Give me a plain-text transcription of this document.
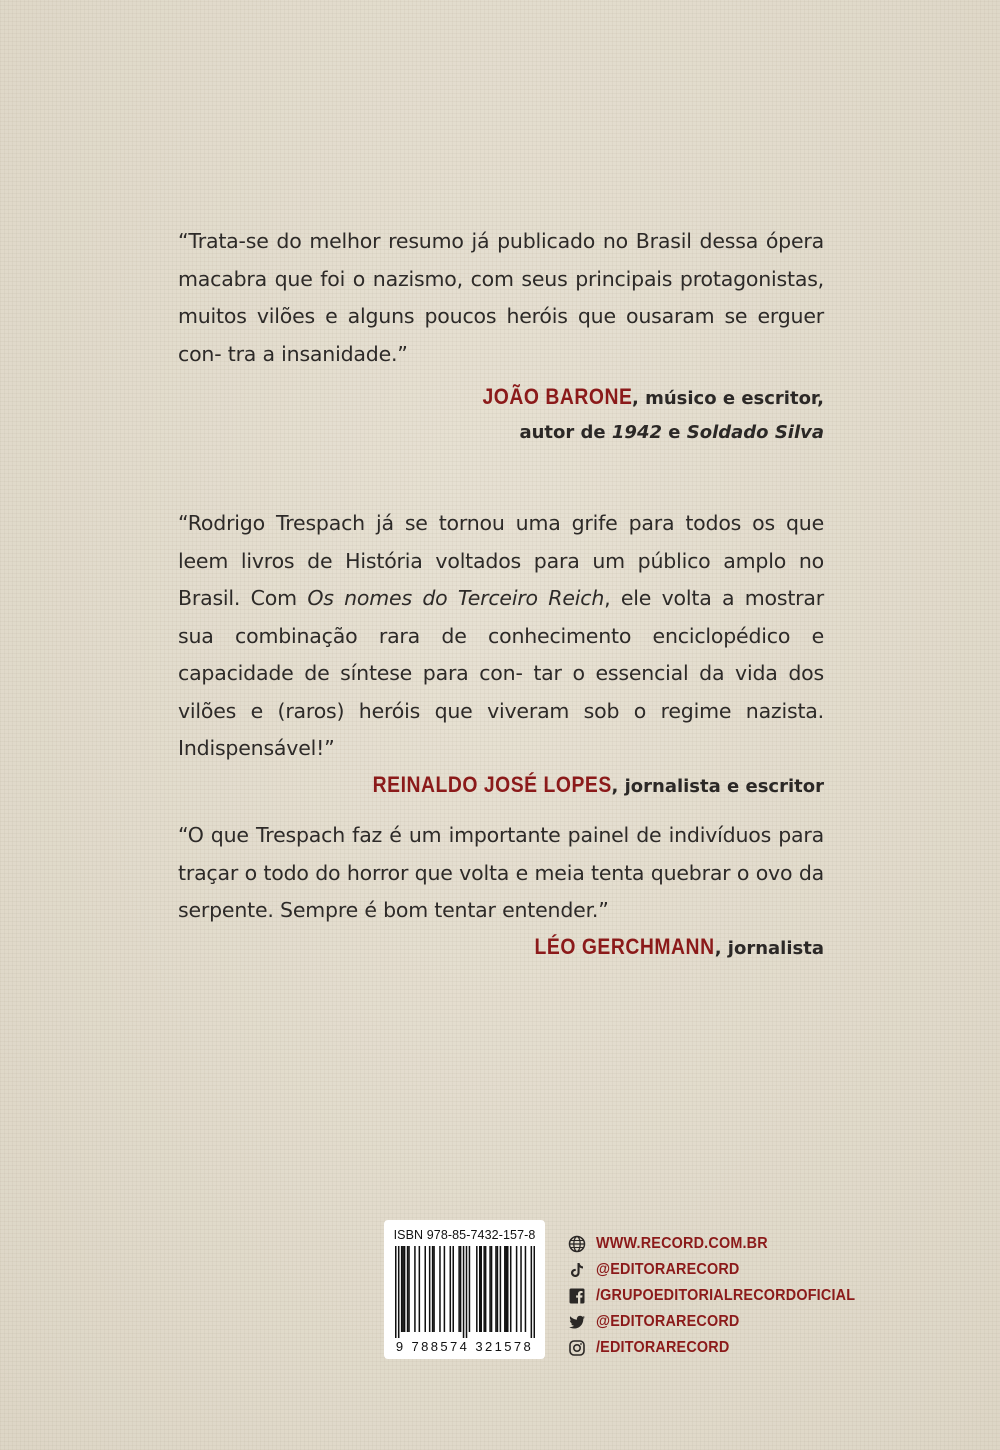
“Trata-se do melhor resumo já publicado no Brasil dessa ópera macabra que foi o nazismo, com seus principais protagonistas, muitos vilões e alguns poucos heróis que ousaram se erguer con- tra a insanidade.”

JOÃO BARONE, músico e escritor,

autor de 1942 e Soldado Silva

“Rodrigo Trespach já se tornou uma grife para todos os que leem livros de História voltados para um público amplo no Brasil. Com Os nomes do Terceiro Reich, ele volta a mostrar sua combinação rara de conhecimento enciclopédico e capacidade de síntese para con- tar o essencial da vida dos vilões e (raros) heróis que viveram sob o regime nazista. Indispensável!”

REINALDO JOSÉ LOPES, jornalista e escritor

“O que Trespach faz é um importante painel de indivíduos para traçar o todo do horror que volta e meia tenta quebrar o ovo da serpente. Sempre é bom tentar entender.”

LÉO GERCHMANN, jornalista

ISBN 978-85-7432-157-8
9 788574 321578
WWW.RECORD.COM.BR
@EDITORARECORD
/GRUPOEDITORIALRECORDOFICIAL
@EDITORARECORD
/EDITORARECORD
